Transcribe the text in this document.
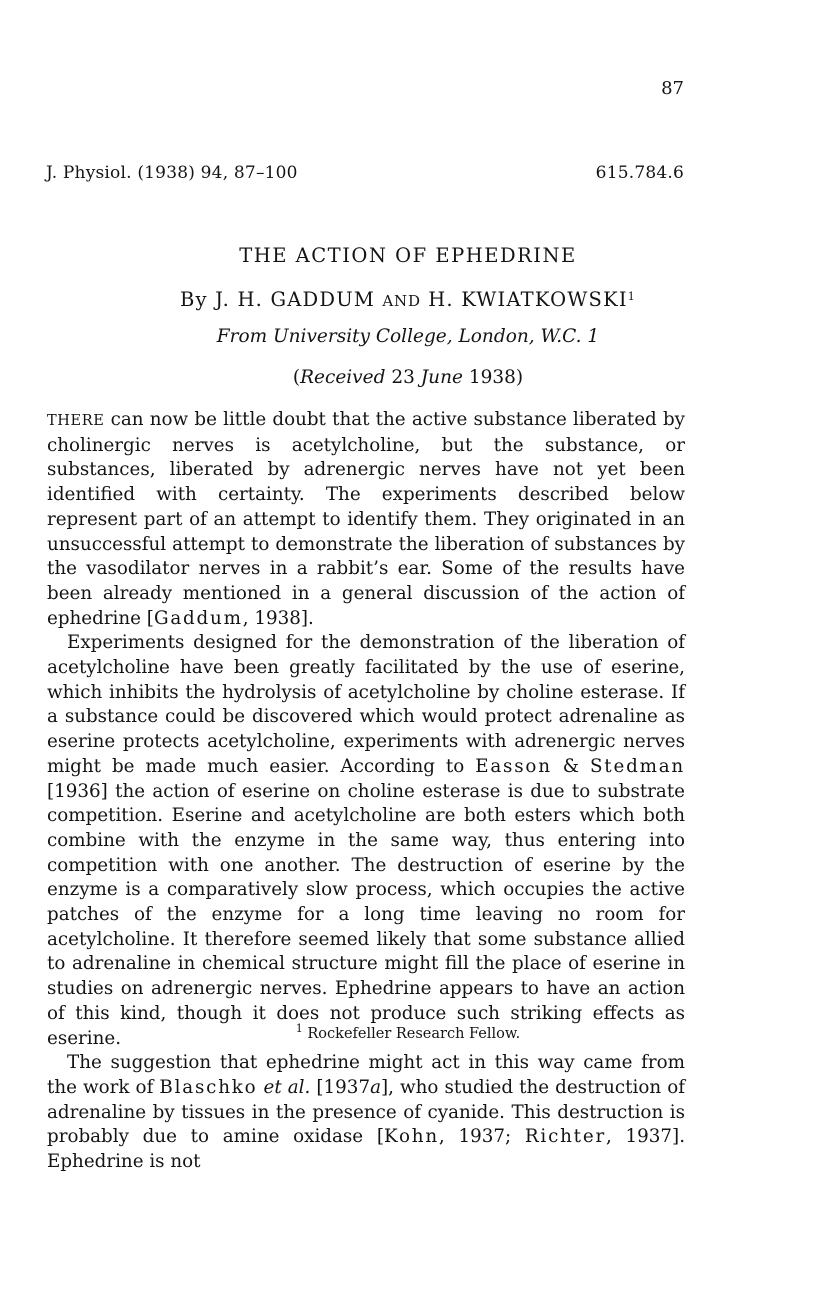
87
J. Physiol. (1938) 94, 87–100	615.784.6
THE ACTION OF EPHEDRINE
By J. H. GADDUM AND H. KWIATKOWSKI$^1$
From University College, London, W.C. 1
(Received 23 June 1938)

THERE can now be little doubt that the active substance liberated by cholinergic nerves is acetylcholine, but the substance, or substances, liberated by adrenergic nerves have not yet been identified with certainty. The experiments described below represent part of an attempt to identify them. They originated in an unsuccessful attempt to demonstrate the liberation of substances by the vasodilator nerves in a rabbit’s ear. Some of the results have been already mentioned in a general discussion of the action of ephedrine [Gaddum, 1938].

Experiments designed for the demonstration of the liberation of acetylcholine have been greatly facilitated by the use of eserine, which inhibits the hydrolysis of acetylcholine by choline esterase. If a substance could be discovered which would protect adrenaline as eserine protects acetylcholine, experiments with adrenergic nerves might be made much easier. According to Easson & Stedman [1936] the action of eserine on choline esterase is due to substrate competition. Eserine and acetylcholine are both esters which both combine with the enzyme in the same way, thus entering into competition with one another. The destruction of eserine by the enzyme is a comparatively slow process, which occupies the active patches of the enzyme for a long time leaving no room for acetylcholine. It therefore seemed likely that some substance allied to adrenaline in chemical structure might fill the place of eserine in studies on adrenergic nerves. Ephedrine appears to have an action of this kind, though it does not produce such striking effects as eserine.

The suggestion that ephedrine might act in this way came from the work of Blaschko et al. [1937a], who studied the destruction of adrenaline by tissues in the presence of cyanide. This destruction is probably due to amine oxidase [Kohn, 1937; Richter, 1937]. Ephedrine is not

$^1$ Rockefeller Research Fellow.
